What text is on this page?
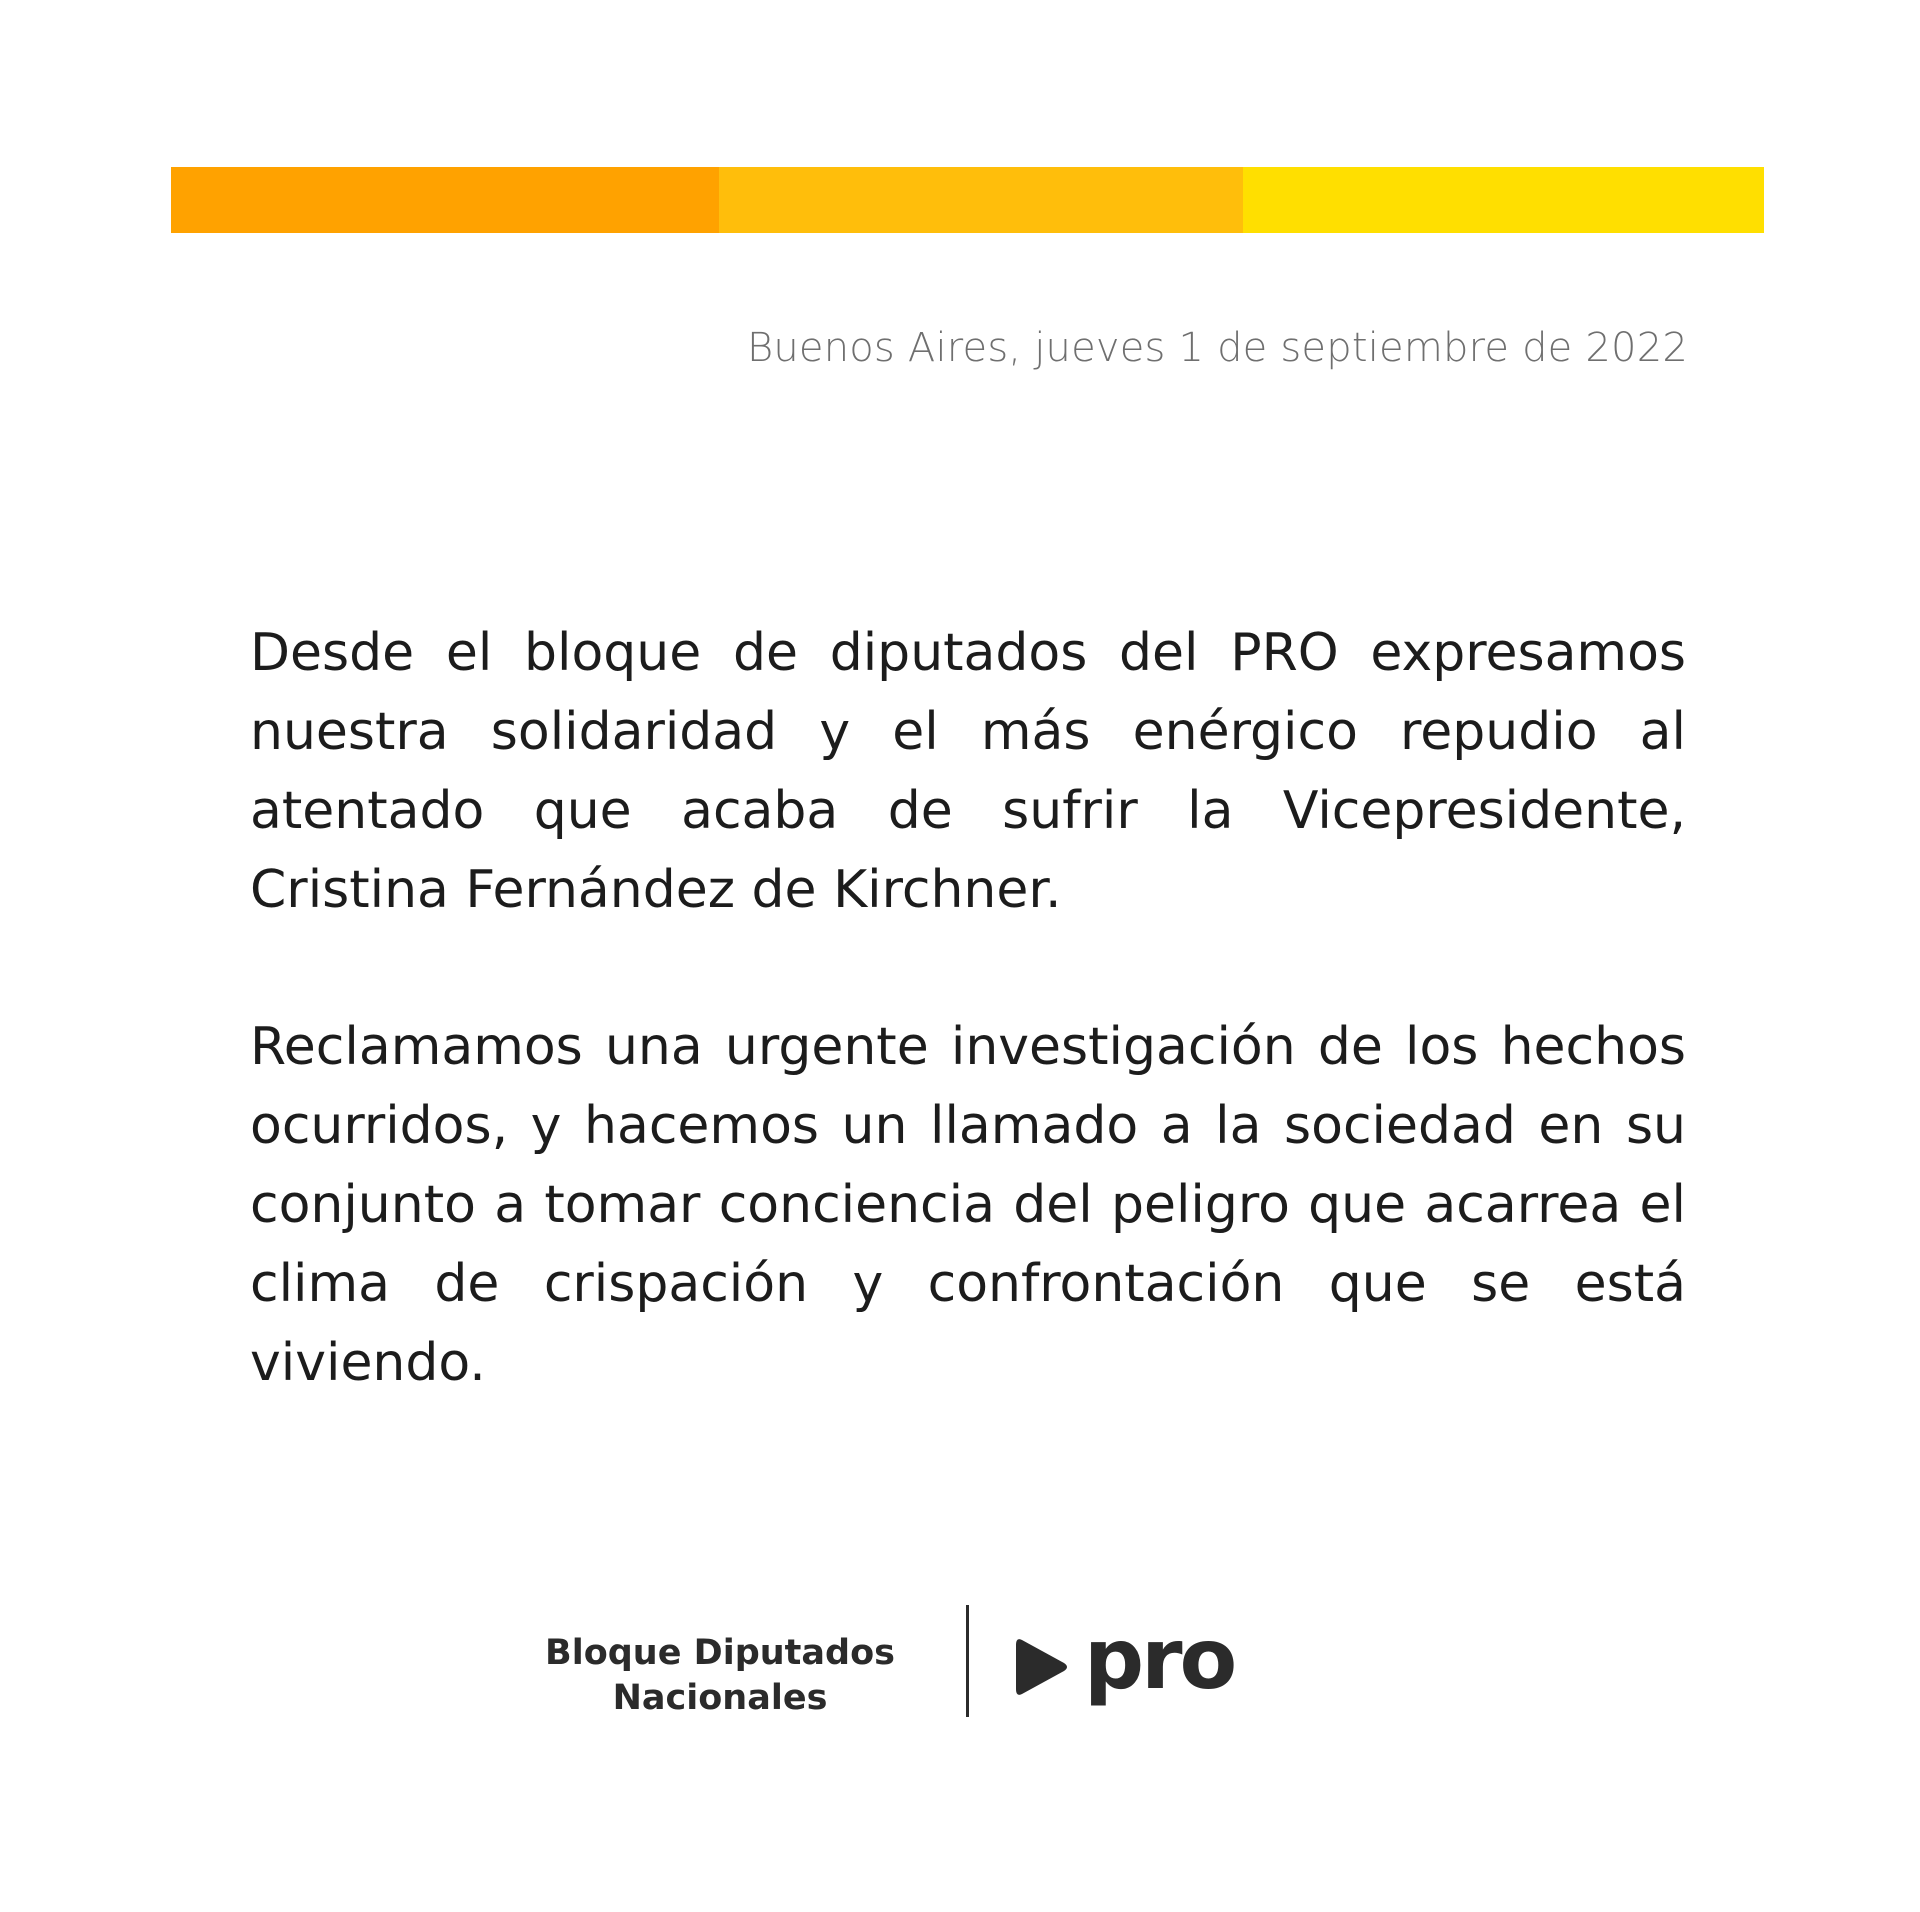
Buenos Aires, jueves 1 de septiembre de 2022

Desde el bloque de diputados del PRO expresamos nuestra solidaridad y el más enérgico repudio al atentado que acaba de sufrir la Vicepresidente, Cristina Fernández de Kirchner.

Reclamamos una urgente investigación de los hechos ocurridos, y hacemos un llamado a la sociedad en su conjunto a tomar conciencia del peligro que acarrea el clima de crispación y confrontación que se está viviendo.

Bloque Diputados
Nacionales	pro
